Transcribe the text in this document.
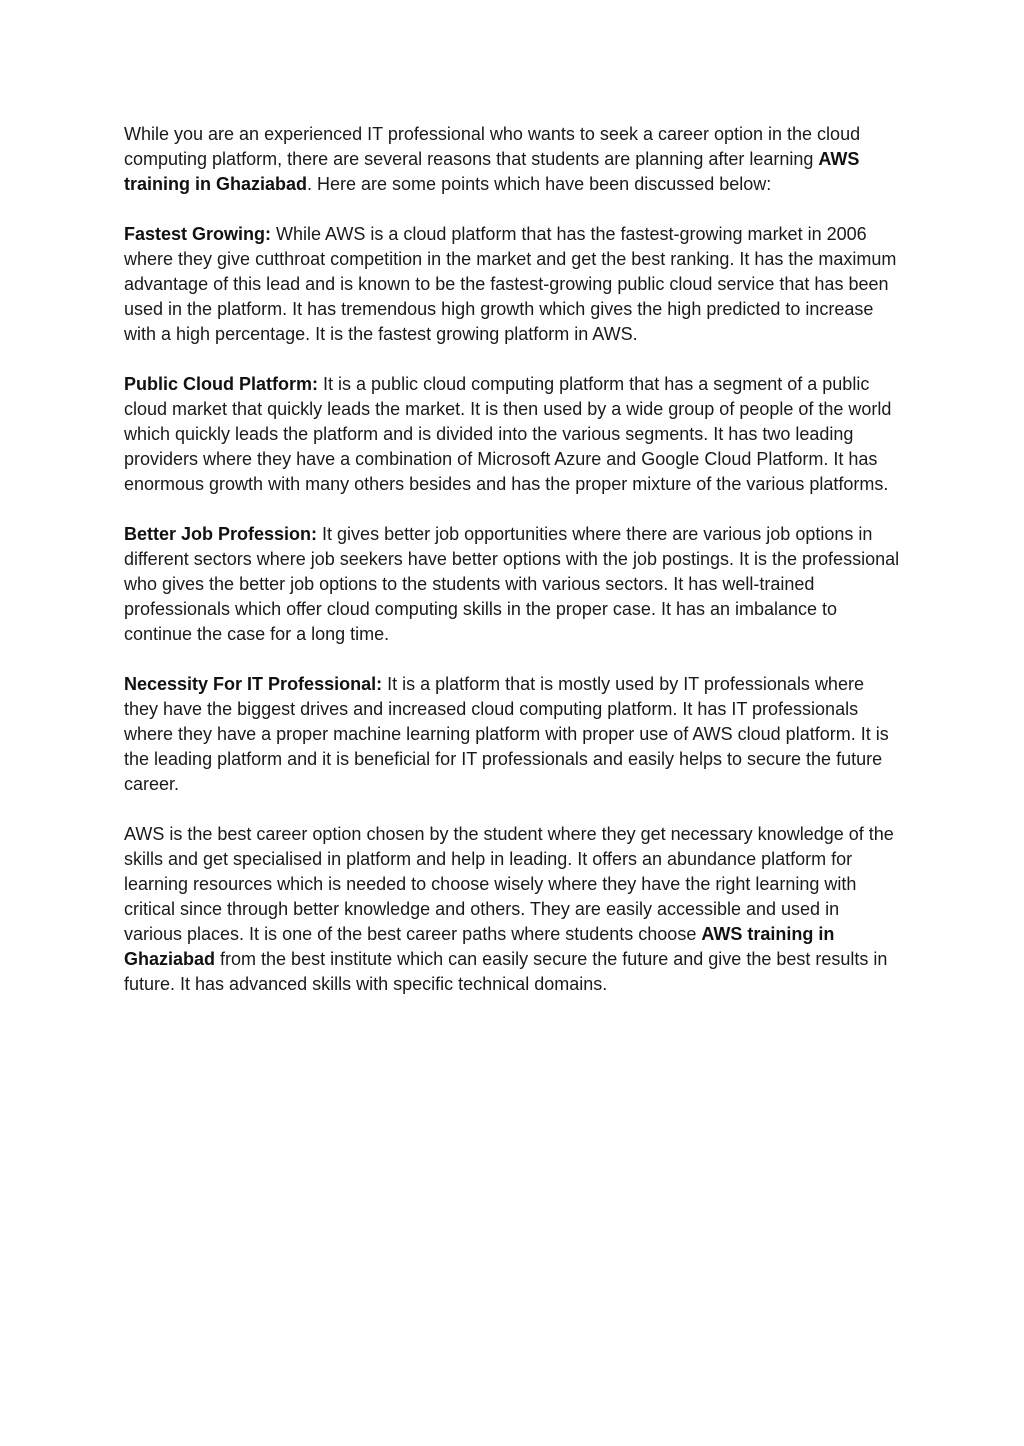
While you are an experienced IT professional who wants to seek a career option in the cloud computing platform, there are several reasons that students are planning after learning AWS training in Ghaziabad. Here are some points which have been discussed below:

Fastest Growing: While AWS is a cloud platform that has the fastest-growing market in 2006 where they give cutthroat competition in the market and get the best ranking. It has the maximum advantage of this lead and is known to be the fastest-growing public cloud service that has been used in the platform. It has tremendous high growth which gives the high predicted to increase with a high percentage. It is the fastest growing platform in AWS.

Public Cloud Platform: It is a public cloud computing platform that has a segment of a public cloud market that quickly leads the market. It is then used by a wide group of people of the world which quickly leads the platform and is divided into the various segments. It has two leading providers where they have a combination of Microsoft Azure and Google Cloud Platform. It has enormous growth with many others besides and has the proper mixture of the various platforms.

Better Job Profession: It gives better job opportunities where there are various job options in different sectors where job seekers have better options with the job postings. It is the professional who gives the better job options to the students with various sectors. It has well-trained professionals which offer cloud computing skills in the proper case. It has an imbalance to continue the case for a long time.

Necessity For IT Professional: It is a platform that is mostly used by IT professionals where they have the biggest drives and increased cloud computing platform. It has IT professionals where they have a proper machine learning platform with proper use of AWS cloud platform. It is the leading platform and it is beneficial for IT professionals and easily helps to secure the future career.

AWS is the best career option chosen by the student where they get necessary knowledge of the skills and get specialised in platform and help in leading. It offers an abundance platform for learning resources which is needed to choose wisely where they have the right learning with critical since through better knowledge and others. They are easily accessible and used in various places. It is one of the best career paths where students choose AWS training in Ghaziabad from the best institute which can easily secure the future and give the best results in future. It has advanced skills with specific technical domains.
